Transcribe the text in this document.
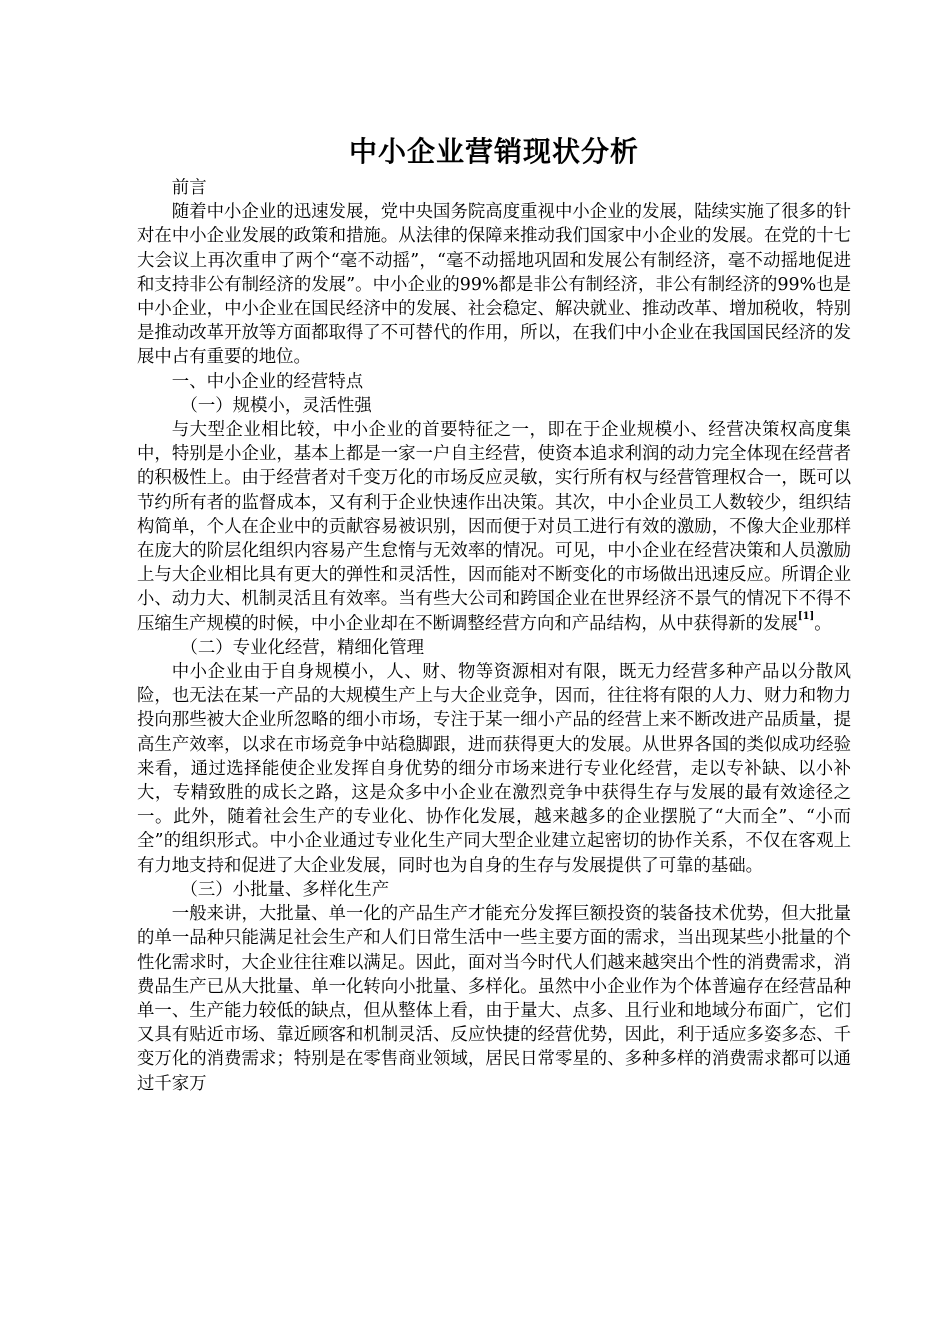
中小企业营销现状分析

前言

随着中小企业的迅速发展，党中央国务院高度重视中小企业的发展，陆续实施了很多的针对在中小企业发展的政策和措施。从法律的保障来推动我们国家中小企业的发展。在党的十七大会议上再次重申了两个“毫不动摇”，“毫不动摇地巩固和发展公有制经济，毫不动摇地促进和支持非公有制经济的发展”。中小企业的99%都是非公有制经济，非公有制经济的99%也是中小企业，中小企业在国民经济中的发展、社会稳定、解决就业、推动改革、增加税收，特别是推动改革开放等方面都取得了不可替代的作用，所以，在我们中小企业在我国国民经济的发展中占有重要的地位。

一、中小企业的经营特点

（一）规模小，灵活性强

与大型企业相比较，中小企业的首要特征之一，即在于企业规模小、经营决策权高度集中，特别是小企业，基本上都是一家一户自主经营，使资本追求利润的动力完全体现在经营者的积极性上。由于经营者对千变万化的市场反应灵敏，实行所有权与经营管理权合一，既可以节约所有者的监督成本，又有利于企业快速作出决策。其次，中小企业员工人数较少，组织结构简单，个人在企业中的贡献容易被识别，因而便于对员工进行有效的激励，不像大企业那样在庞大的阶层化组织内容易产生怠惰与无效率的情况。可见，中小企业在经营决策和人员激励上与大企业相比具有更大的弹性和灵活性，因而能对不断变化的市场做出迅速反应。所谓企业小、动力大、机制灵活且有效率。当有些大公司和跨国企业在世界经济不景气的情况下不得不压缩生产规模的时候，中小企业却在不断调整经营方向和产品结构，从中获得新的发展[1]。

（二）专业化经营，精细化管理

中小企业由于自身规模小，人、财、物等资源相对有限，既无力经营多种产品以分散风险，也无法在某一产品的大规模生产上与大企业竞争，因而，往往将有限的人力、财力和物力投向那些被大企业所忽略的细小市场，专注于某一细小产品的经营上来不断改进产品质量，提高生产效率，以求在市场竞争中站稳脚跟，进而获得更大的发展。从世界各国的类似成功经验来看，通过选择能使企业发挥自身优势的细分市场来进行专业化经营，走以专补缺、以小补大，专精致胜的成长之路，这是众多中小企业在激烈竞争中获得生存与发展的最有效途径之一。此外，随着社会生产的专业化、协作化发展，越来越多的企业摆脱了“大而全”、“小而全”的组织形式。中小企业通过专业化生产同大型企业建立起密切的协作关系，不仅在客观上有力地支持和促进了大企业发展，同时也为自身的生存与发展提供了可靠的基础。

（三）小批量、多样化生产

一般来讲，大批量、单一化的产品生产才能充分发挥巨额投资的装备技术优势，但大批量的单一品种只能满足社会生产和人们日常生活中一些主要方面的需求，当出现某些小批量的个性化需求时，大企业往往难以满足。因此，面对当今时代人们越来越突出个性的消费需求，消费品生产已从大批量、单一化转向小批量、多样化。虽然中小企业作为个体普遍存在经营品种单一、生产能力较低的缺点，但从整体上看，由于量大、点多、且行业和地域分布面广，它们又具有贴近市场、靠近顾客和机制灵活、反应快捷的经营优势，因此，利于适应多姿多态、千变万化的消费需求；特别是在零售商业领域，居民日常零星的、多种多样的消费需求都可以通过千家万
